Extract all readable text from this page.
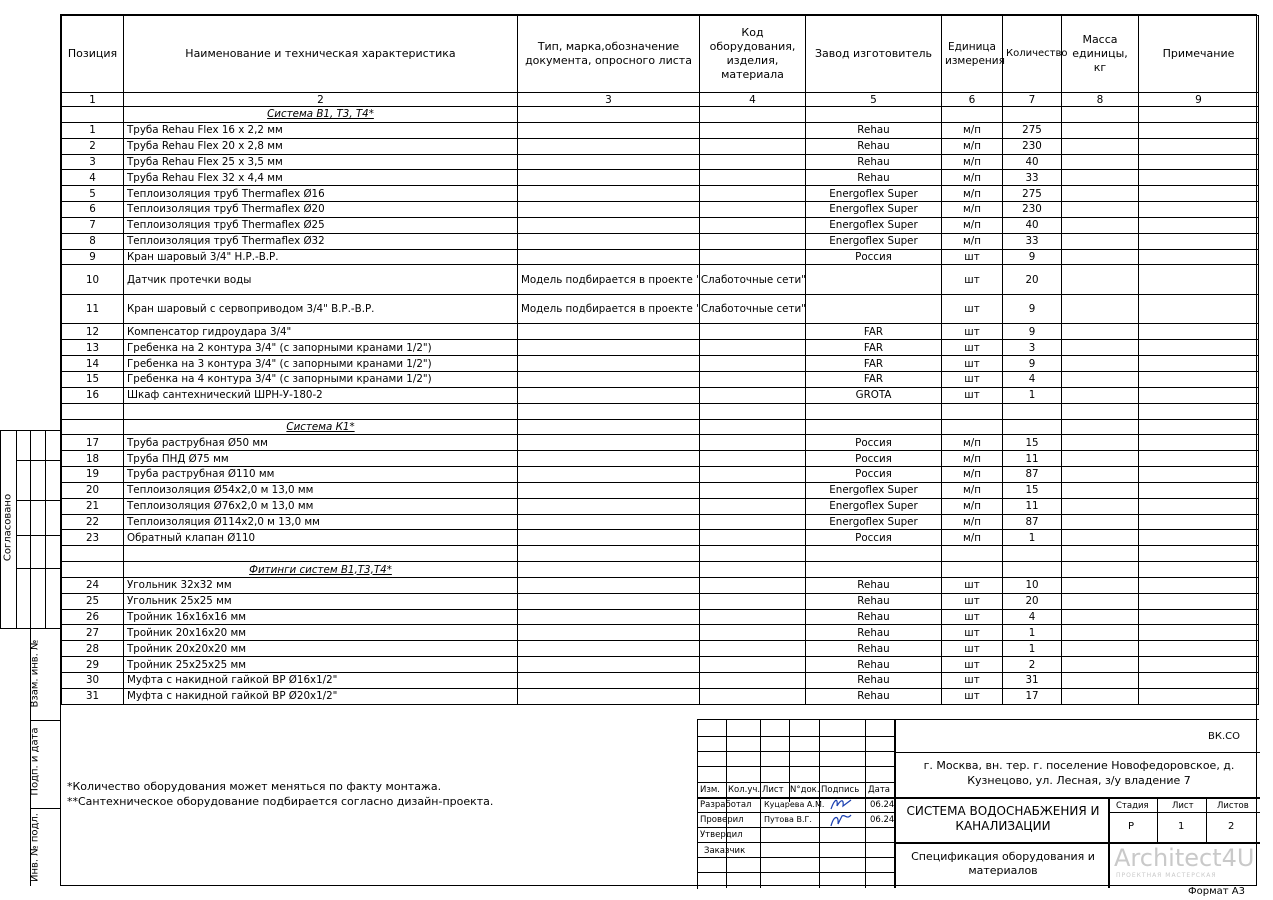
Позиция	Наименование и техническая характеристика	Тип, марка,обозначение документа, опросного листа	Код оборудования, изделия, материала	Завод изготовитель	Единица измерения	Количество	Масса единицы, кг	Примечание
1	2	3	4	5	6	7	8	9
	Система В1, Т3, Т4*							
1	Труба Rehau Flex 16 x 2,2 мм			Rehau	м/п	275		
2	Труба Rehau Flex 20 x 2,8 мм			Rehau	м/п	230		
3	Труба Rehau Flex 25 x 3,5 мм			Rehau	м/п	40		
4	Труба Rehau Flex 32 x 4,4 мм			Rehau	м/п	33		
5	Теплоизоляция труб Thermaflex Ø16			Energoflex Super	м/п	275		
6	Теплоизоляция труб Thermaflex Ø20			Energoflex Super	м/п	230		
7	Теплоизоляция труб Thermaflex Ø25			Energoflex Super	м/п	40		
8	Теплоизоляция труб Thermaflex Ø32			Energoflex Super	м/п	33		
9	Кран шаровый 3/4" Н.Р.-В.Р.			Россия	шт	9		
10	Датчик протечки воды	Модель подбирается в проекте "Слаботочные сети"			шт	20		
11	Кран шаровый с сервоприводом 3/4" В.Р.-В.Р.	Модель подбирается в проекте "Слаботочные сети"			шт	9		
12	Компенсатор гидроудара 3/4"			FAR	шт	9		
13	Гребенка на 2 контура 3/4" (с запорными кранами 1/2")			FAR	шт	3		
14	Гребенка на 3 контура 3/4" (с запорными кранами 1/2")			FAR	шт	9		
15	Гребенка на 4 контура 3/4" (с запорными кранами 1/2")			FAR	шт	4		
16	Шкаф сантехнический ШРН-У-180-2			GROTA	шт	1		

	Система К1*							
17	Труба раструбная Ø50 мм			Россия	м/п	15		
18	Труба ПНД Ø75 мм			Россия	м/п	11		
19	Труба раструбная Ø110 мм			Россия	м/п	87		
20	Теплоизоляция Ø54x2,0 м 13,0 мм			Energoflex Super	м/п	15		
21	Теплоизоляция Ø76x2,0 м 13,0 мм			Energoflex Super	м/п	11		
22	Теплоизоляция Ø114x2,0 м 13,0 мм			Energoflex Super	м/п	87		
23	Обратный клапан Ø110			Россия	м/п	1		

	Фитинги систем В1,Т3,Т4*							
24	Угольник 32x32 мм			Rehau	шт	10		
25	Угольник 25x25 мм			Rehau	шт	20		
26	Тройник 16x16x16 мм			Rehau	шт	4		
27	Тройник 20x16x20 мм			Rehau	шт	1		
28	Тройник 20x20x20 мм			Rehau	шт	1		
29	Тройник 25x25x25 мм			Rehau	шт	2		
30	Муфта с накидной гайкой ВР Ø16x1/2"			Rehau	шт	31		
31	Муфта с накидной гайкой ВР Ø20x1/2"			Rehau	шт	17		
*Количество оборудования может меняться по факту монтажа.
**Сантехническое оборудование подбирается согласно дизайн-проекта.
Изм. Кол.уч. Лист N°док. Подпись Дата
Разработал
Проверил
Утвердил
Заказчик
Куцарева А.М.
Путова В.Г.
06.24
06.24
ВК.СО
г. Москва, вн. тер. г. поселение Новофедоровское, д. Кузнецово, ул. Лесная, з/у владение 7
СИСТЕМА ВОДОСНАБЖЕНИЯ И КАНАЛИЗАЦИИ
Спецификация оборудования и материалов
Стадия	Лист	Листов
Р	1	2
Согласовано
Взам. инв. №
Подп. и дата
Инв. № подл.	Architect4U
ПРОЕКТНАЯ МАСТЕРСКАЯ
Формат А3
